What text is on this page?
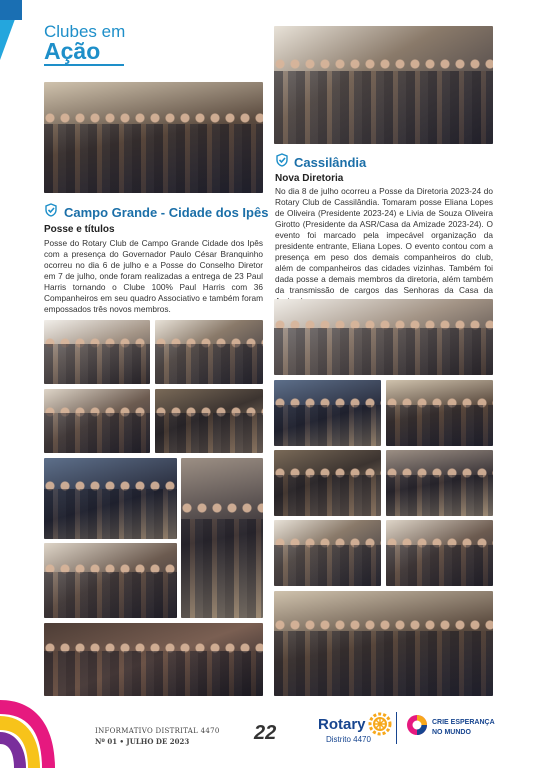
Clubes em
Ação
Campo Grande - Cidade dos Ipês
Posse e títulos
Posse do Rotary Club de Campo Grande Cidade dos Ipês com a presença do Governador Paulo César Branquinho ocorreu no dia 6 de julho e a Posse do Conselho Diretor em 7 de julho, onde foram realizadas a entrega de 23 Paul Harris tornando o Clube 100% Paul Harris com 36 Companheiros em seu quadro Associativo e também foram empossados três novos membros.
Cassilândia
Nova Diretoria
No dia 8 de julho ocorreu a Posse da Diretoria 2023-24 do Rotary Club de Cassilândia. Tomaram posse Eliana Lopes de Oliveira (Presidente 2023-24) e Livia de Souza Oliveira Girotto (Presidente da ASR/Casa da Amizade 2023-24). O evento foi marcado pela impecável organização da presidente entrante, Eliana Lopes. O evento contou com a presença em peso dos demais companheiros do club, além de companheiros das cidades vizinhas. Também foi dada posse a demais membros da diretoria, além também da transmissão de cargos das Senhoras da Casa da
INFORMATIVO DISTRITAL 4470
Nº 01 • JULHO DE 2023	22	Rotary
Distrito 4470
CRIE ESPERANÇA
NO MUNDO
